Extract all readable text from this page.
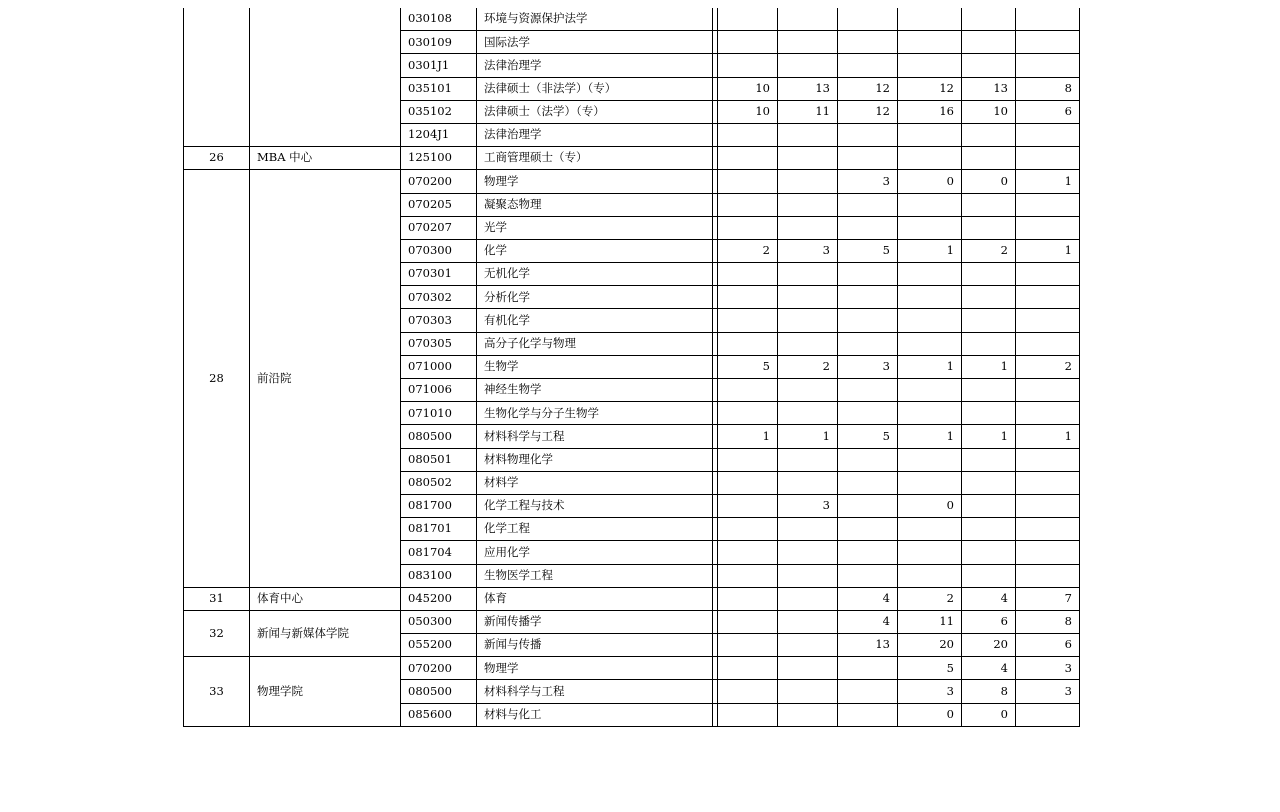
		030108	环境与资源保护法学							
		030109	国际法学							
		0301J1	法律治理学							
		035101	法律硕士（非法学）（专）		10	13	12	12	13	8
		035102	法律硕士（法学）（专）		10	11	12	16	10	6
		1204J1	法律治理学							
26	MBA 中心	125100	工商管理硕士（专）							
28	前沿院	070200	物理学				3	0	0	1
		070205	凝聚态物理							
		070207	光学							
		070300	化学		2	3	5	1	2	1
		070301	无机化学							
		070302	分析化学							
		070303	有机化学							
		070305	高分子化学与物理							
		071000	生物学		5	2	3	1	1	2
		071006	神经生物学							
		071010	生物化学与分子生物学							
		080500	材料科学与工程		1	1	5	1	1	1
		080501	材料物理化学							
		080502	材料学							
		081700	化学工程与技术			3		0		
		081701	化学工程							
		081704	应用化学							
		083100	生物医学工程							
31	体育中心	045200	体育				4	2	4	7
32	新闻与新媒体学院	050300	新闻传播学				4	11	6	8
		055200	新闻与传播				13	20	20	6
33	物理学院	070200	物理学					5	4	3
		080500	材料科学与工程					3	8	3
		085600	材料与化工					0	0	
